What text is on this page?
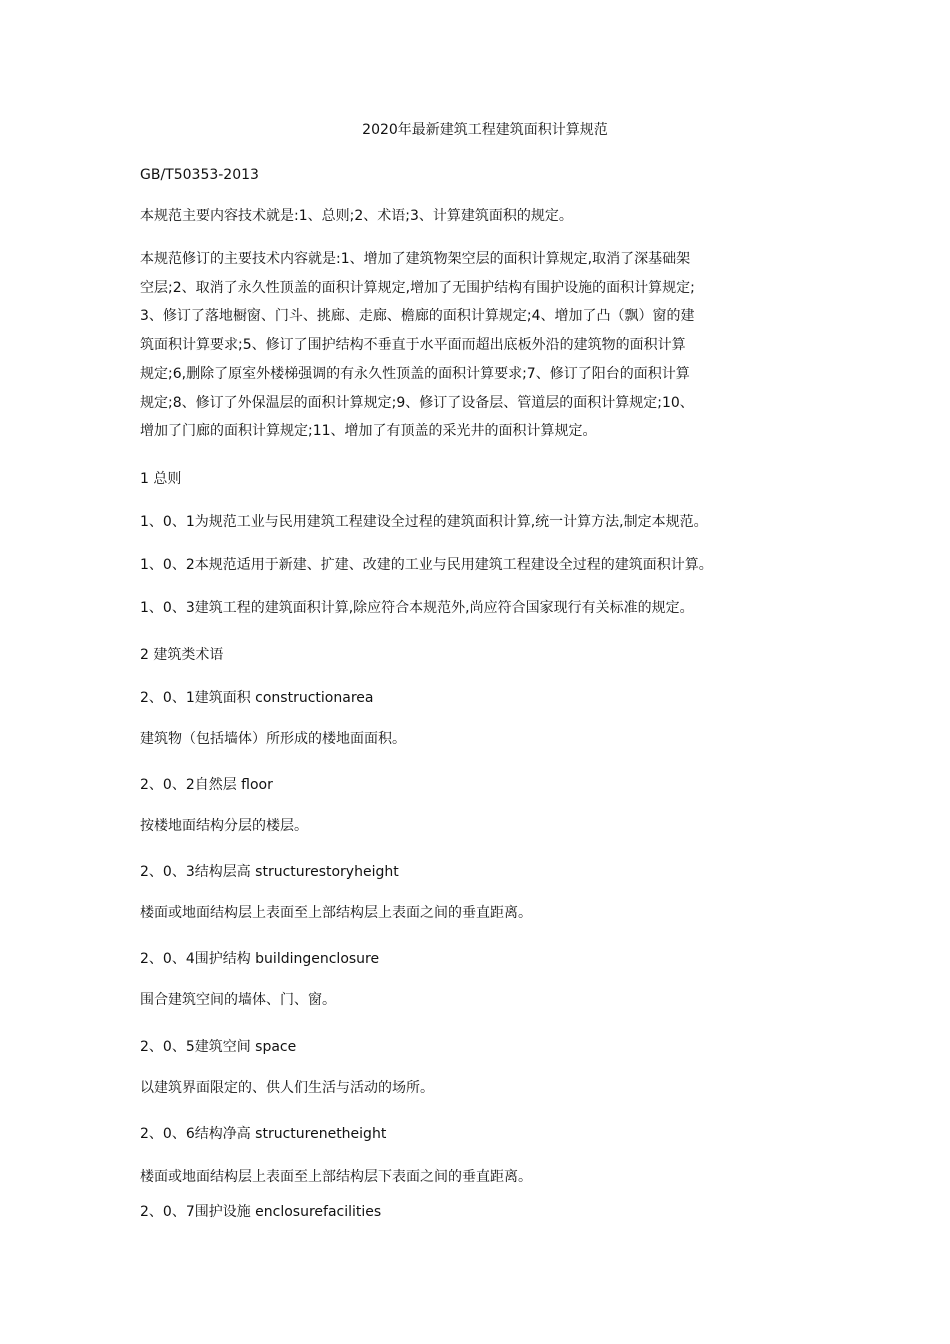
2020年最新建筑工程建筑面积计算规范
GB/T50353-2013
本规范主要内容技术就是:1、总则;2、术语;3、计算建筑面积的规定。
本规范修订的主要技术内容就是:1、增加了建筑物架空层的面积计算规定,取消了深基础架
空层;2、取消了永久性顶盖的面积计算规定,增加了无围护结构有围护设施的面积计算规定;
3、修订了落地橱窗、门斗、挑廊、走廊、檐廊的面积计算规定;4、增加了凸（飘）窗的建
筑面积计算要求;5、修订了围护结构不垂直于水平面而超出底板外沿的建筑物的面积计算
规定;6,删除了原室外楼梯强调的有永久性顶盖的面积计算要求;7、修订了阳台的面积计算
规定;8、修订了外保温层的面积计算规定;9、修订了设备层、管道层的面积计算规定;10、
增加了门廊的面积计算规定;11、增加了有顶盖的采光井的面积计算规定。
1 总则
1、0、1为规范工业与民用建筑工程建设全过程的建筑面积计算,统一计算方法,制定本规范。
1、0、2本规范适用于新建、扩建、改建的工业与民用建筑工程建设全过程的建筑面积计算。
1、0、3建筑工程的建筑面积计算,除应符合本规范外,尚应符合国家现行有关标准的规定。
2 建筑类术语
2、0、1建筑面积 constructionarea
建筑物（包括墙体）所形成的楼地面面积。
2、0、2自然层 floor
按楼地面结构分层的楼层。
2、0、3结构层高 structurestoryheight
楼面或地面结构层上表面至上部结构层上表面之间的垂直距离。
2、0、4围护结构 buildingenclosure
围合建筑空间的墙体、门、窗。
2、0、5建筑空间 space
以建筑界面限定的、供人们生活与活动的场所。
2、0、6结构净高 structurenetheight
楼面或地面结构层上表面至上部结构层下表面之间的垂直距离。
2、0、7围护设施 enclosurefacilities
